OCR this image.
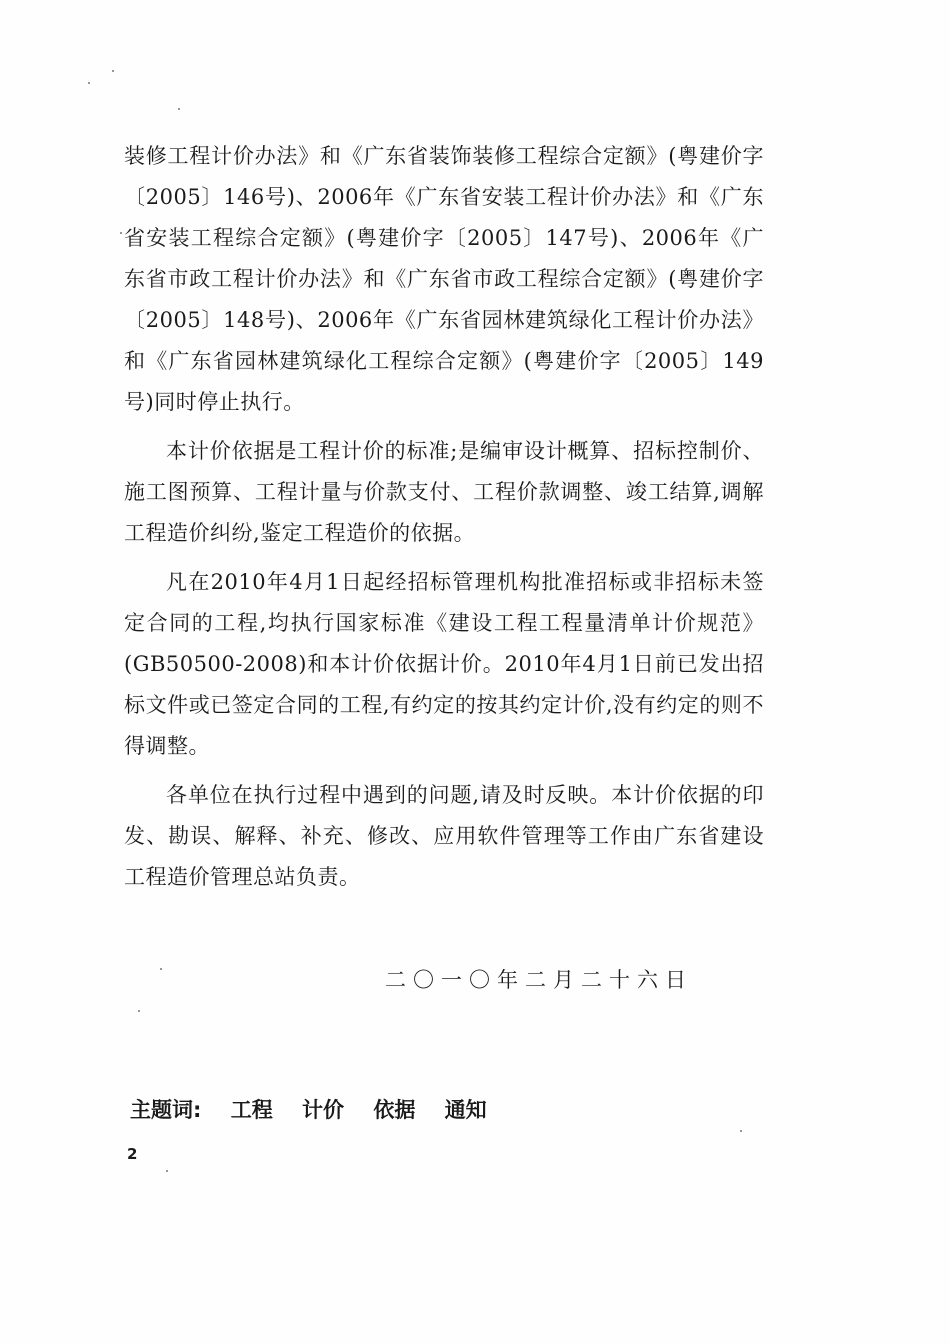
装修工程计价办法》和《广东省装饰装修工程综合定额》(粤建价字〔2005〕146号)、2006年《广东省安装工程计价办法》和《广东省安装工程综合定额》(粤建价字〔2005〕147号)、2006年《广东省市政工程计价办法》和《广东省市政工程综合定额》(粤建价字〔2005〕148号)、2006年《广东省园林建筑绿化工程计价办法》和《广东省园林建筑绿化工程综合定额》(粤建价字〔2005〕149号)同时停止执行。

本计价依据是工程计价的标准;是编审设计概算、招标控制价、施工图预算、工程计量与价款支付、工程价款调整、竣工结算,调解工程造价纠纷,鉴定工程造价的依据。

凡在2010年4月1日起经招标管理机构批准招标或非招标未签定合同的工程,均执行国家标准《建设工程工程量清单计价规范》(GB50500-2008)和本计价依据计价。2010年4月1日前已发出招标文件或已签定合同的工程,有约定的按其约定计价,没有约定的则不得调整。

各单位在执行过程中遇到的问题,请及时反映。本计价依据的印发、勘误、解释、补充、修改、应用软件管理等工作由广东省建设工程造价管理总站负责。

二〇一〇年二月二十六日
主题词: 工程 计价 依据 通知
2
